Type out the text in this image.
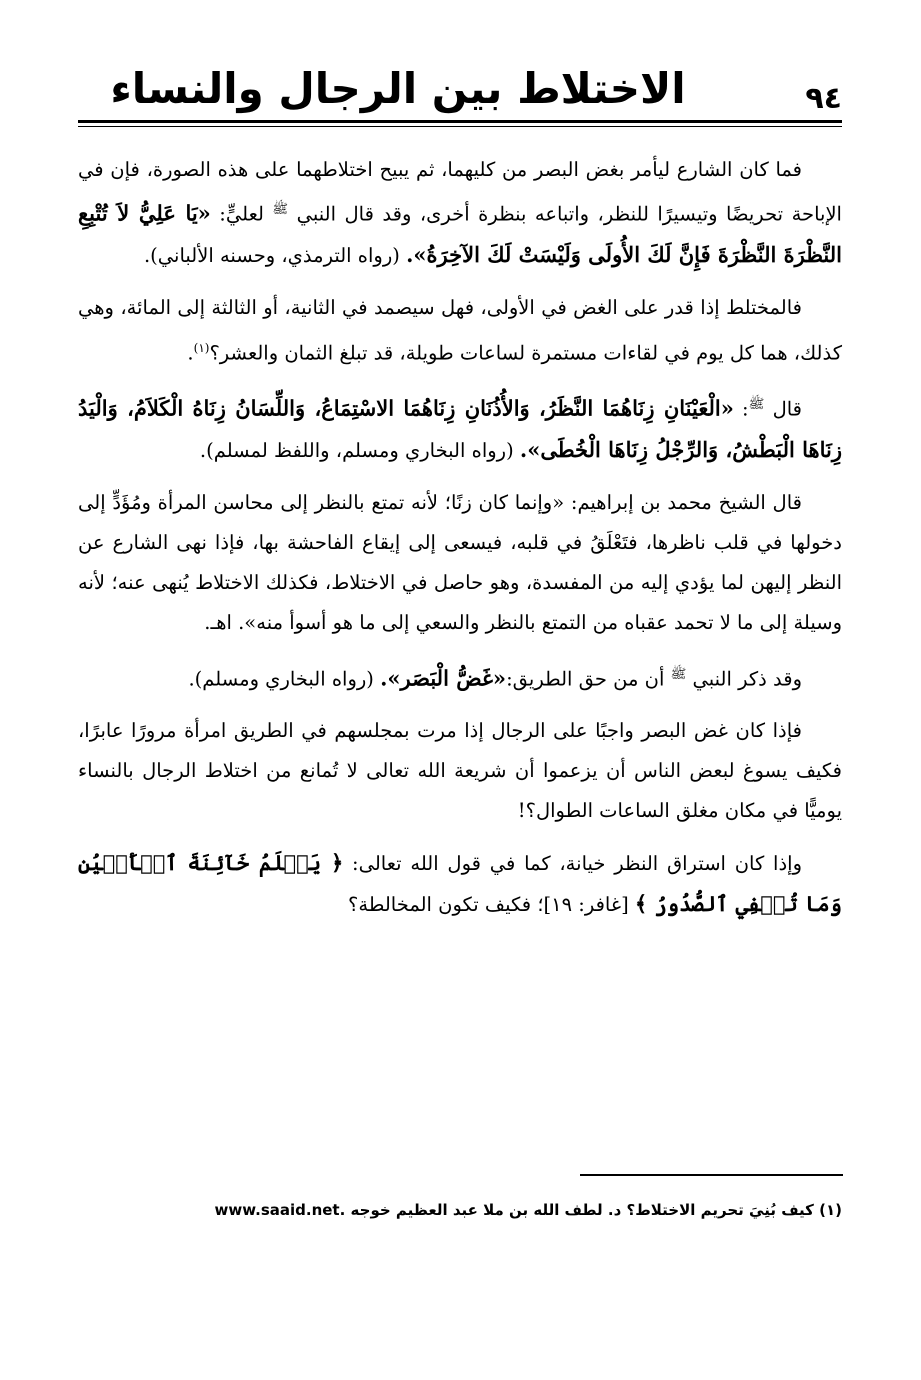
٩٤
الاختلاط بين الرجال والنساء

فما كان الشارع ليأمر بغض البصر من كليهما، ثم يبيح اختلاطهما على هذه الصورة، فإن في الإباحة تحريضًا وتيسيرًا للنظر، واتباعه بنظرة أخرى، وقد قال النبي $^ﷺ$ لعليٍّ: «يَا عَلِيُّ لاَ تُتْبِعِ النَّظْرَةَ النَّظْرَةَ فَإِنَّ لَكَ الأُولَى وَلَيْسَتْ لَكَ الآخِرَةُ». (رواه الترمذي، وحسنه الألباني).

فالمختلط إذا قدر على الغض في الأولى، فهل سيصمد في الثانية، أو الثالثة إلى المائة، وهي كذلك، هما كل يوم في لقاءات مستمرة لساعات طويلة، قد تبلغ الثمان والعشر؟$^{(١)}$.

قال $^ﷺ$: «الْعَيْنَانِ زِنَاهُمَا النَّظَرُ، وَالأُذُنَانِ زِنَاهُمَا الاسْتِمَاعُ، وَاللِّسَانُ زِنَاهُ الْكَلاَمُ، وَالْيَدُ زِنَاهَا الْبَطْشُ، وَالرِّجْلُ زِنَاهَا الْخُطَى». (رواه البخاري ومسلم، واللفظ لمسلم).

قال الشيخ محمد بن إبراهيم: «وإنما كان زنًا؛ لأنه تمتع بالنظر إلى محاسن المرأة ومُؤَدٍّ إلى دخولها في قلب ناظرها، فتَعْلَقُ في قلبه، فيسعى إلى إيقاع الفاحشة بها، فإذا نهى الشارع عن النظر إليهن لما يؤدي إليه من المفسدة، وهو حاصل في الاختلاط، فكذلك الاختلاط يُنهى عنه؛ لأنه وسيلة إلى ما لا تحمد عقباه من التمتع بالنظر والسعي إلى ما هو أسوأ منه». اهـ.

وقد ذكر النبي $^ﷺ$ أن من حق الطريق:«غَضُّ الْبَصَر». (رواه البخاري ومسلم).

فإذا كان غض البصر واجبًا على الرجال إذا مرت بمجلسهم في الطريق امرأة مرورًا عابرًا، فكيف يسوغ لبعض الناس أن يزعموا أن شريعة الله تعالى لا تُمانع من اختلاط الرجال بالنساء يوميًّا في مكان مغلق الساعات الطوال؟!

وإذا كان استراق النظر خيانة، كما في قول الله تعالى: ﴿ يَعۡلَمُ خَآئِنَةَ ٱلۡأَعۡيُنِ وَمَا تُخۡفِي ٱلصُّدُورُ ﴾ [غافر: ١٩]؛ فكيف تكون المخالطة؟

(١) كيف بُنِيَ تحريم الاختلاط؟ د. لطف الله بن ملا عبد العظيم خوجه www.saaid.net.
